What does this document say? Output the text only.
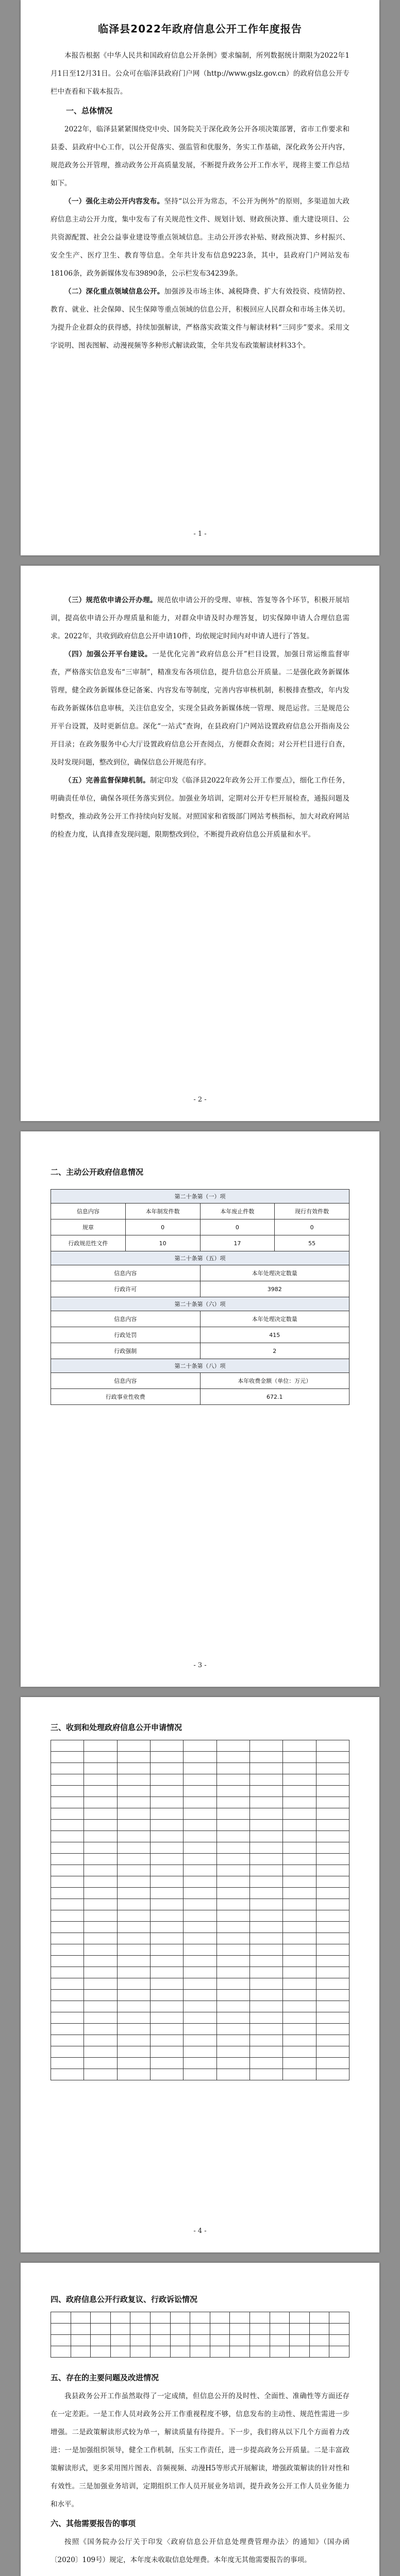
临泽县2022年政府信息公开工作年度报告

本报告根据《中华人民共和国政府信息公开条例》要求编制，所列数据统计期限为2022年1月1日至12月31日。公众可在临泽县政府门户网（http://www.gslz.gov.cn）的政府信息公开专栏中查看和下载本报告。

一、总体情况

2022年，临泽县紧紧围绕党中央、国务院关于深化政务公开各项决策部署，省市工作要求和县委、县政府中心工作，以公开促落实、强监管和优服务，务实工作基础，深化政务公开内容，规范政务公开管理，推动政务公开高质量发展，不断提升政务公开工作水平，现将主要工作总结如下。

（一）强化主动公开内容发布。坚持“以公开为常态，不公开为例外”的原则，多渠道加大政府信息主动公开力度，集中发布了有关规范性文件、规划计划、财政预决算、重大建设项目、公共资源配置、社会公益事业建设等重点领域信息。主动公开涉农补贴、财政预决算、乡村振兴、安全生产、医疗卫生、教育等信息。全年共计发布信息9223条，其中，县政府门户网站发布18106条，政务新媒体发布39890条，公示栏发布34239条。

（二）深化重点领域信息公开。加强涉及市场主体、减税降费、扩大有效投资、疫情防控、教育、就业、社会保障、民生保障等重点领域的信息公开，积极回应人民群众和市场主体关切。为提升企业群众的获得感，持续加强解读，严格落实政策文件与解读材料“三同步”要求。采用文字说明、图表图解、动漫视频等多种形式解读政策，全年共发布政策解读材料33个。

- 1 -

（三）规范依申请公开办理。规范依申请公开的受理、审核、答复等各个环节，积极开展培训，提高依申请公开办理质量和能力，对群众申请及时办理答复，切实保障申请人合理信息需求。2022年，共收到政府信息公开申请10件，均依规定时间内对申请人进行了答复。

（四）加强公开平台建设。一是优化完善“政府信息公开”栏目设置，加强日常运维监督审查，严格落实信息发布“三审制”，精准发布各项信息，提升信息公开质量。二是强化政务新媒体管理，健全政务新媒体登记备案、内容发布等制度，完善内容审核机制，积极排查整改，年内发布政务新媒体信息审核，关注信息安全，实现全县政务新媒体统一管理、规范运营。三是规范公开平台设置，及时更新信息。深化“一站式”查询，在县政府门户网站设置政府信息公开指南及公开目录；在政务服务中心大厅设置政府信息公开查阅点，方便群众查阅；对公开栏目进行自查，及时发现问题，整改到位，确保信息公开规范有序。

（五）完善监督保障机制。制定印发《临泽县2022年政务公开工作要点》，细化工作任务，明确责任单位，确保各项任务落实到位。加强业务培训，定期对公开专栏开展检查，通报问题及时整改，推动政务公开工作持续向好发展。对照国家和省级部门网站考核指标，加大对政府网站的检查力度，认真排查发现问题，限期整改到位，不断提升政府信息公开质量和水平。

- 2 -

二、主动公开政府信息情况

第二十条第（一）项
信息内容	本年制发件数	本年废止件数	现行有效件数
规章	0	0	0
行政规范性文件	10	17	55
第二十条第（五）项
信息内容	本年处理决定数量
行政许可	3982
第二十条第（六）项
信息内容	本年处理决定数量
行政处罚	415
行政强制	2
第二十条第（八）项
信息内容	本年收费金额（单位：万元）
行政事业性收费	672.1
- 3 -

三、收到和处理政府信息公开申请情况

- 4 -

四、政府信息公开行政复议、行政诉讼情况

五、存在的主要问题及改进情况

我县政务公开工作虽然取得了一定成绩，但信息公开的及时性、全面性、准确性等方面还存在一定差距。一是工作人员对政务公开工作重视程度不够，信息发布的主动性、规范性需进一步增强。二是政策解读形式较为单一，解读质量有待提升。下一步，我们将从以下几个方面着力改进：一是加强组织领导，健全工作机制，压实工作责任，进一步提高政务公开质量。二是丰富政策解读形式，更多采用图片图表、音频视频、动漫H5等形式开展解读，增强政策解读的针对性和有效性。三是加强业务培训，定期组织工作人员开展业务培训，提升政务公开工作人员业务能力和水平。

六、其他需要报告的事项

按照《国务院办公厅关于印发〈政府信息公开信息处理费管理办法〉的通知》（国办函〔2020〕109号）规定，本年度未收取信息处理费。本年度无其他需要报告的事项。
